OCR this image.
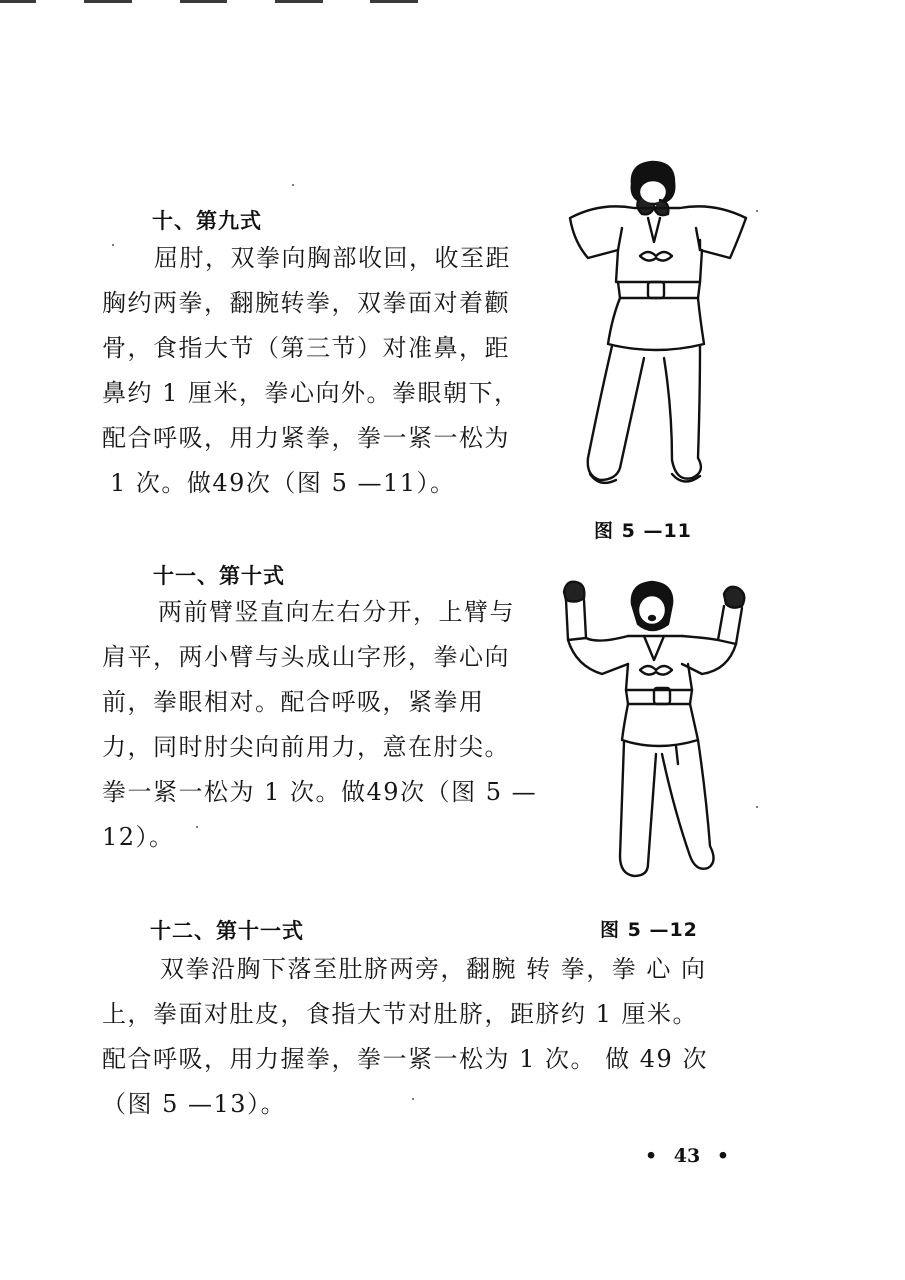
十、第九式
屈肘，双拳向胸部收回，收至距
胸约两拳，翻腕转拳，双拳面对着颧
骨，食指大节（第三节）对准鼻，距
鼻约 1 厘米，拳心向外。拳眼朝下，
配合呼吸，用力紧拳，拳一紧一松为
1 次。做49次（图 5 —11）。
图 5 —11
十一、第十式
两前臂竖直向左右分开，上臂与
肩平，两小臂与头成山字形，拳心向
前，拳眼相对。配合呼吸，紧拳用
力，同时肘尖向前用力，意在肘尖。
拳一紧一松为 1 次。做49次（图 5 —
12）。
图 5 —12
十二、第十一式
双拳沿胸下落至肚脐两旁，翻腕 转 拳，拳 心 向
上，拳面对肚皮，食指大节对肚脐，距脐约 1 厘米。
配合呼吸，用力握拳，拳一紧一松为 1 次。 做 49 次
（图 5 —13）。
• 43 •
